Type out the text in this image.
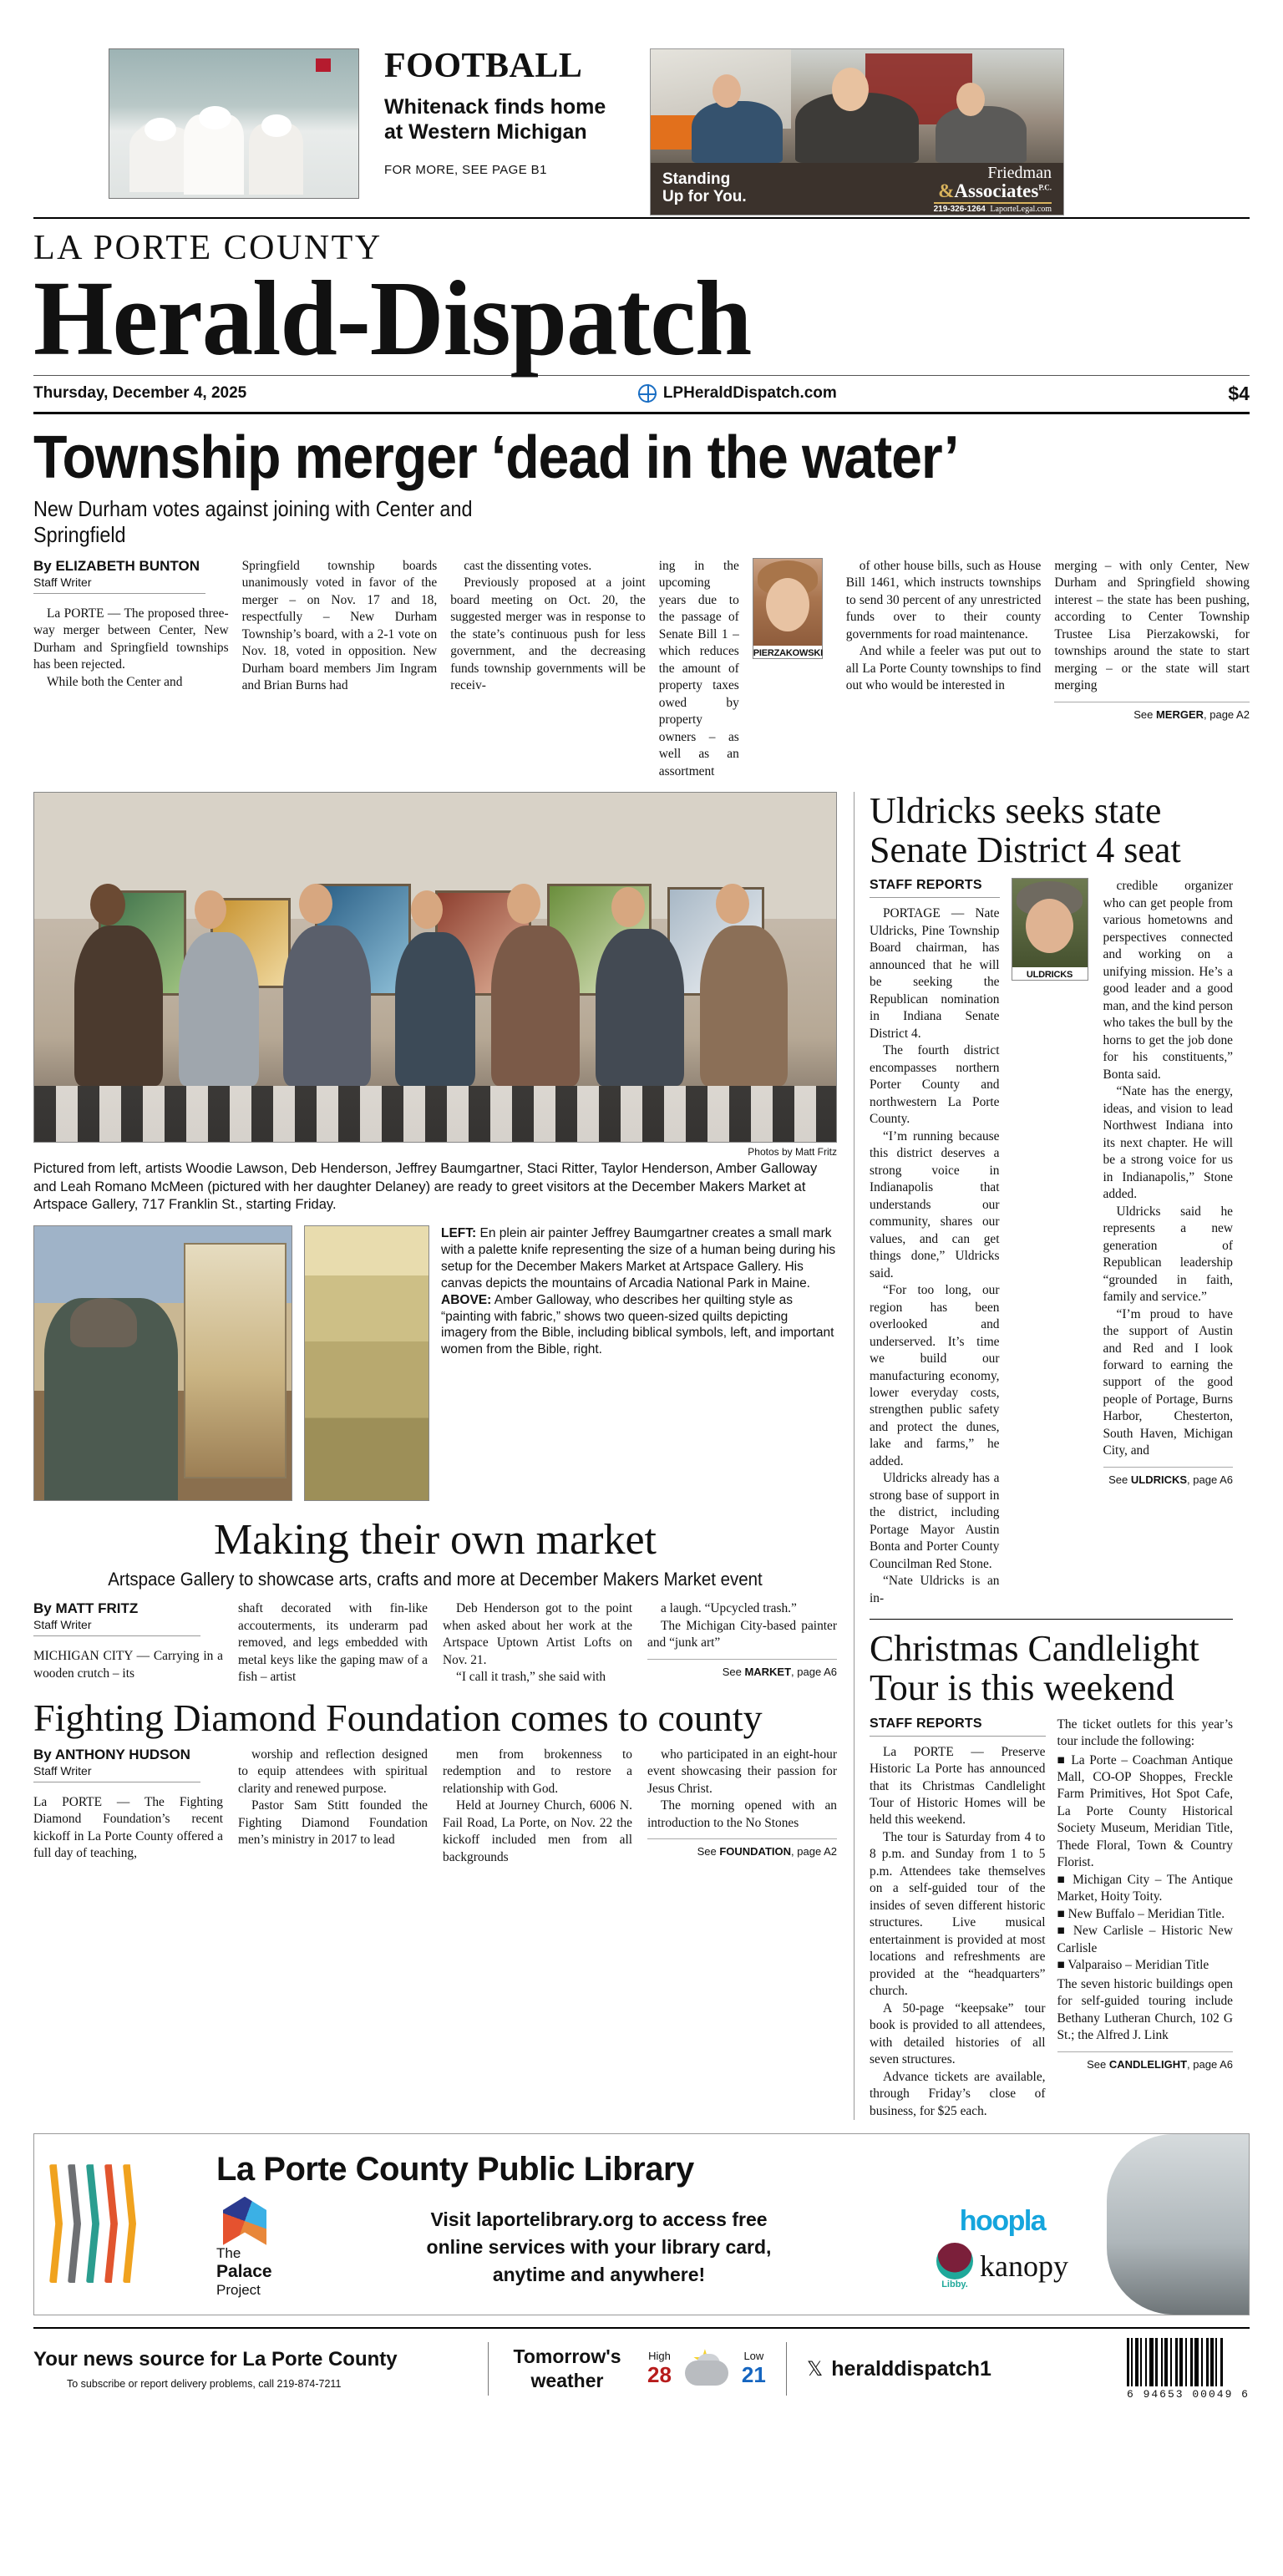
FOOTBALL
Whitenack finds home
at Western Michigan
FOR MORE, SEE PAGE B1
Standing
Up for You.
Friedman
&Associates$^{P.C.}$
219-326-1264 LaporteLegal.com
LA PORTE COUNTY
Herald-Dispatch
Thursday, December 4, 2025	LPHeraldDispatch.com	$4
Township merger ‘dead in the water’
New Durham votes against joining with Center and Springfield
By ELIZABETH BUNTON
Staff Writer

La PORTE — The proposed three-way merger between Center, New Durham and Springfield townships has been rejected.

While both the Center and

Springfield township boards unanimously voted in favor of the merger – on Nov. 17 and 18, respectfully – New Durham Township’s board, with a 2-1 vote on Nov. 18, voted in opposition. New Durham board members Jim Ingram and Brian Burns had

cast the dissenting votes.

Previously proposed at a joint board meeting on Oct. 20, the suggested merger was in response to the state’s continuous push for less government, and the decreasing funds township governments will be receiv-

ing in the upcoming years due to the passage of Senate Bill 1 – which reduces the amount of property taxes owed by property owners – as well as an assortment
PIERZAKOWSKI

of other house bills, such as House Bill 1461, which instructs townships to send 30 percent of any unrestricted funds over to their county governments for road maintenance.

And while a feeler was put out to all La Porte County townships to find out who would be interested in

merging – with only Center, New Durham and Springfield showing interest – the state has been pushing, according to Center Township Trustee Lisa Pierzakowski, for townships around the state to start merging – or the state will start merging
See MERGER, page A2
Photos by Matt Fritz
Pictured from left, artists Woodie Lawson, Deb Henderson, Jeffrey Baumgartner, Staci Ritter, Taylor Henderson, Amber Galloway and Leah Romano McMeen (pictured with her daughter Delaney) are ready to greet visitors at the December Makers Market at Artspace Gallery, 717 Franklin St., starting Friday.
LEFT: En plein air painter Jeffrey Baumgartner creates a small mark with a palette knife representing the size of a human being during his setup for the December Makers Market at Artspace Gallery. His canvas depicts the mountains of Arcadia National Park in Maine. ABOVE: Amber Galloway, who describes her quilting style as “painting with fabric,” shows two queen-sized quilts depicting imagery from the Bible, including biblical symbols, left, and important women from the Bible, right.
Making their own market
Artspace Gallery to showcase arts, crafts and more at December Makers Market event
By MATT FRITZ
Staff Writer
MICHIGAN CITY — Carrying in a wooden crutch – its
shaft decorated with fin-like accouterments, its underarm pad removed, and legs embedded with metal keys like the gaping maw of a fish – artist

Deb Henderson got to the point when asked about her work at the Artspace Uptown Artist Lofts on Nov. 21.

“I call it trash,” she said with

a laugh. “Upcycled trash.”

The Michigan City-based painter and “junk art”

See MARKET, page A6
Fighting Diamond Foundation comes to county
By ANTHONY HUDSON
Staff Writer
La PORTE — The Fighting Diamond Foundation’s recent kickoff in La Porte County offered a full day of teaching,

worship and reflection designed to equip attendees with spiritual clarity and renewed purpose.

Pastor Sam Stitt founded the Fighting Diamond Foundation men’s ministry in 2017 to lead

men from brokenness to redemption and to restore a relationship with God.

Held at Journey Church, 6006 N. Fail Road, La Porte, on Nov. 22 the kickoff included men from all backgrounds

who participated in an eight-hour event showcasing their passion for Jesus Christ.

The morning opened with an introduction to the No Stones

See FOUNDATION, page A2
Uldricks seeks state Senate District 4 seat
STAFF REPORTS

PORTAGE — Nate Uldricks, Pine Township Board chairman, has announced that he will be seeking the Republican nomination in Indiana Senate District 4.

The fourth district encompasses northern Porter County and northwestern La Porte County.

“I’m running because this district deserves a strong voice in Indianapolis that understands our community, shares our values, and can get things done,” Uldricks said.

“For too long, our region has been overlooked and underserved. It’s time we build our manufacturing economy, lower everyday costs, strengthen public safety and protect the dunes, lake and farms,” he added.

Uldricks already has a strong base of support in the district, including Portage Mayor Austin Bonta and Porter County Councilman Red Stone.

“Nate Uldricks is an in-

ULDRICKS

credible organizer who can get people from various hometowns and perspectives connected and working on a unifying mission. He’s a good leader and a good man, and the kind person who takes the bull by the horns to get the job done for his constituents,” Bonta said.

“Nate has the energy, ideas, and vision to lead Northwest Indiana into its next chapter. He will be a strong voice for us in Indianapolis,” Stone added.

Uldricks said he represents a new generation of Republican leadership “grounded in faith, family and service.”

“I’m proud to have the support of Austin and Red and I look forward to earning the support of the good people of Portage, Burns Harbor, Chesterton, South Haven, Michigan City, and

See ULDRICKS, page A6
Christmas Candlelight Tour is this weekend
STAFF REPORTS

La PORTE — Preserve Historic La Porte has announced that its Christmas Candlelight Tour of Historic Homes will be held this weekend.

The tour is Saturday from 4 to 8 p.m. and Sunday from 1 to 5 p.m. Attendees take themselves on a self-guided tour of the insides of seven different historic structures. Live musical entertainment is provided at most locations and refreshments are provided at the “headquarters” church.

A 50-page “keepsake” tour book is provided to all attendees, with detailed histories of all seven structures.

Advance tickets are available, through Friday’s close of business, for $25 each.

The ticket outlets for this year’s tour include the following:
■ La Porte – Coachman Antique Mall, CO-OP Shoppes, Freckle Farm Primitives, Hot Spot Cafe, La Porte County Historical Society Museum, Meridian Title, Thede Floral, Town & Country Florist.
■ Michigan City – The Antique Market, Hoity Toity.
■ New Buffalo – Meridian Title.
■ New Carlisle – Historic New Carlisle
■ Valparaiso – Meridian Title
The seven historic buildings open for self-guided touring include Bethany Lutheran Church, 102 G St.; the Alfred J. Link
See CANDLELIGHT, page A6
La Porte County Public Library
The
Palace
Project
Visit laportelibrary.org to access free
online services with your library card,
anytime and anywhere!
hoopla
Libby.
kanopy
Your news source for La Porte County
To subscribe or report delivery problems, call 219-874-7211
Tomorrow's
weather
High
28
Low
21 𝕏 heralddispatch1
6 94653 00049 6
